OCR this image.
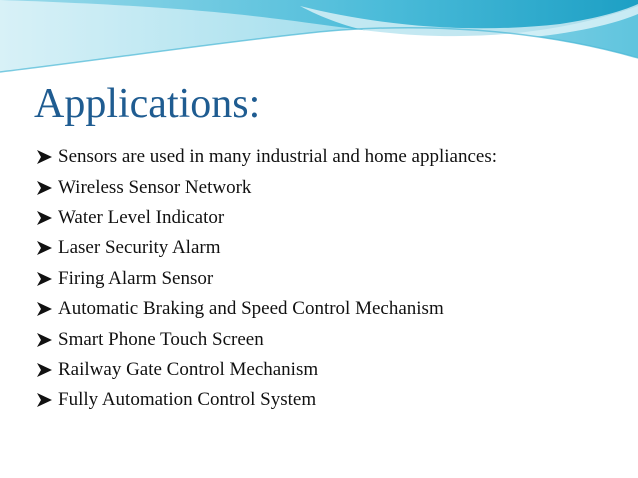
Applications:
Sensors are used in many industrial and home appliances:
Wireless Sensor Network
Water Level Indicator
Laser Security Alarm
Firing Alarm Sensor
Automatic Braking and Speed Control Mechanism
Smart Phone Touch Screen
Railway Gate Control Mechanism
Fully Automation Control System
